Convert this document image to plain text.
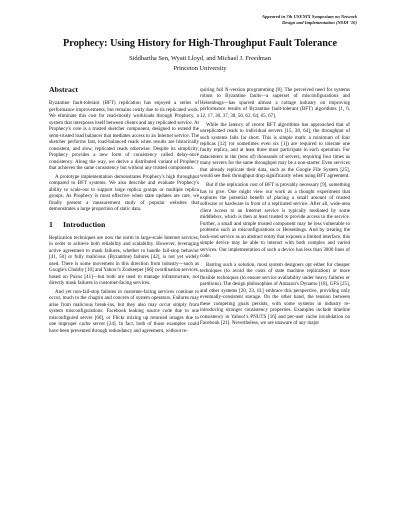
Appeared in 7th USENIX Symposium on Network
Design and Implementation (NSDI '10)
Prophecy: Using History for High-Throughput Fault Tolerance
Siddhartha Sen, Wyatt Lloyd, and Michael J. Freedman
Princeton University
Abstract

Byzantine fault-tolerant (BFT) replication has enjoyed a series of performance improvements, but remains costly due to its replicated work. We eliminate this cost for read-mostly workloads through Prophecy, a system that interposes itself between clients and any replicated service. At Prophecy's core is a trusted sketcher component, designed to extend the semi-trusted load balancer that mediates access to an Internet service. The sketcher performs fast, load-balanced reads when results are historically consistent, and slow, replicated reads otherwise. Despite its simplicity, Prophecy provides a new form of consistency called delay-once consistency. Along the way, we derive a distributed variant of Prophecy that achieves the same consistency but without any trusted components.

A prototype implementation demonstrates Prophecy's high throughput compared to BFT systems. We also describe and evaluate Prophecy's ability to scale-out to support large replica groups or multiple replica groups. As Prophecy is most effective when state updates are rare, we finally present a measurement study of popular websites that demonstrates a large proportion of static data.

1 Introduction

Replication techniques are now the norm in large-scale Internet services, in order to achieve both reliability and scalability. However, leveraging active agreement to mask failures, whether to handle fail-stop behavior [41, 50] or fully malicious (Byzantine) failures [42], is not yet widely used. There is some movement in this direction from industry—such as Google's Chubby [10] and Yahoo!'s Zookeeper [66] coordination services, based on Paxos [41]—but both are used to manage infrastructure, not directly mask failures in customer-facing services.

And yet non-fail-stop failures in customer-facing services continue to occur, much to the chagrin and concern of system operators. Failures may arise from malicious break-ins, but they also may occur simply from system misconfigurations: Facebook leaking source code due to one misconfigured server [60], or Flickr mixing up returned images due to one improper cache server [24]. In fact, both of those examples could have been prevented through redundancy and agreement, without re-

quiring full N-version programming [8]. The perceived need for systems robust to Byzantine faults—a superset of misconfigurations and Heisenbugs—has spurred almost a cottage industry on improving performance results of Byzantine fault-tolerant (BFT) algorithms [1, 6, 12, 17, 30, 37, 38, 56, 62, 64, 65, 67].

While the latency of recent BFT algorithms has approached that of unreplicated reads to individual servers [15, 38, 64], the throughput of such systems falls far short. This is simple math: a minimum of four replicas [12] (or sometimes even six [1]) are required to tolerate one faulty replica, and at least three must participate in each operation. For datacenters in the (tens of) thousands of servers, requiring four times as many servers for the same throughput may be a non-starter. Even services that already replicate their data, such as the Google File System [25], would see their throughput drop significantly when using BFT agreement.

But if the replication cost of BFT is provably necessary [9], something has to give. One might view our work as a thought experiment that explores the potential benefit of placing a small amount of trusted software or hardware in front of a replicated service. After all, wide-area client access to an Internet service is typically mediated by some middlebox, which is then at least trusted to provide access to the service. Further, a small and simple trusted component may be less vulnerable to problems such as misconfigurations or Heisenbugs. And by treating the back-end service as an abstract entity that exposes a limited interface, this simple device may be able to interact with both complex and varied services. Our implementation of such a device has less than 3000 lines of code.

Barring such a solution, most system designers opt either for cheaper techniques (to avoid the costs of state machine replication) or more flexible techniques (to ensure service availability under heavy failures or partitions). The design philosophies of Amazon's Dynamo [18], GFS [25], and other systems [20, 23, 61] embrace this perspective, providing only eventually-consistent storage. On the other hand, the tension between these competing goals persists, with some systems in industry re-introducing stronger consistency properties. Examples include timeline consistency in Yahoo!'s PNUTS [16] and per-user cache invalidation on Facebook [21]. Nevertheless, we are unaware of any major
